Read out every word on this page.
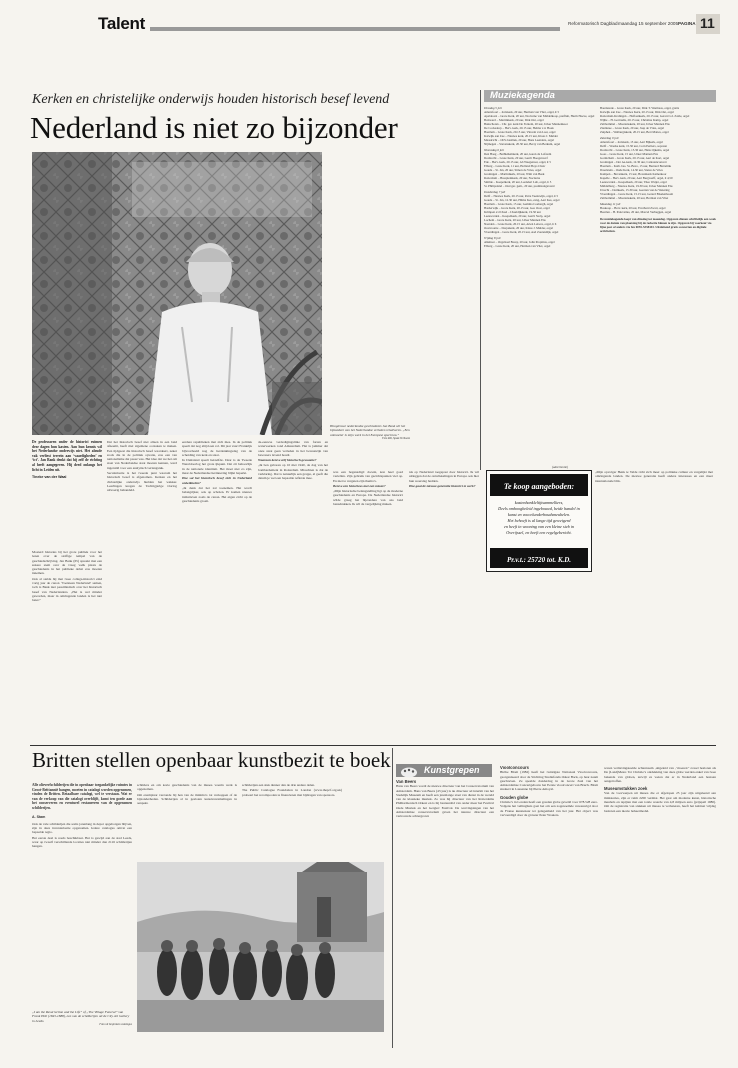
Talent	Reformatorisch Dagblad maandag 15 september 2005 PAGINA 11
Kerken en christelijke onderwijs houden historisch besef levend
Nederland is niet zo bijzonder
Hoogleraar nederlandse geschiedenis Jan Bank wil het bijzondere van het Nederlandse verleden relativeren. „Een ontmoeter is mijn werk in het Europese spectrum.”
Foto RD, Sjaak Verboom

De professoren onder de historici ruimen deze dagen hun kasten. Aan hun kennis wil het Nederlandse onderwijs niet. Het aloude vak verliest terrein aan ‘vaardigheden’ en ‘ict’. Jan Bank denkt dat hij zelf de richting al heeft aangegeven. Hij deed onlangs het licht in Leiden uit.

Tineke van der Waal

Mosterd histories bij het grote publiek voor het lezen over de stoffige tempel van de geschiedschrijving. Jan Bank (65) spreekt met een zekere stem over de vraag welk plaats de geschiedenis in het publieke debat zou moeten innemen.

Ook al stelde hij met twee collega-historici eind vorig jaar de canon ‘Toetsteen Nederland’ samen, toch is Bank niet pessimistisch over het historisch besef van Nederlanders. „Het is wel minder geworden, maar in omringende landen is het niet beter.”

Dat het historisch besef niet alleen in een land afneemt, heeft met algemene oorzaken te maken. Een tijdgeest die historisch besef waardeert, zeker zoals die in de politiek opvatte, zou een van nationalisme dat passé was. Het idee dat we het om staat van Nederlandse staat moeten kennen, werd ingeruild voor een analytisch verlengstuk.

Secularisatie is het tweede punt waarom het historisch besef is afgenomen. Kerken en het christelijke onderwijs hielden het wakker. Leerlingen kregen de Tachtigjarige Oorlog uitvoerig behandeld.

eerdere republieken met zich mee. In de politiek speelt dat nog altijd een rol. Dit jaar vaart Frankrijk bijvoorbeeld nog de herdenkingsdag van de scheiding van kerk en staat.

In Duitsland speelt hetzelfde. Daar is de Tweede Wereldoorlog het grote ijkpunt. Dat zit behoorlijk in de nationale identiteit. Het moet niet zo zijn, maar de Nederlandse herinnering blijkt beperkt.

Hoe sal het historisch besef zich in Nederland ontwikkelen?

„Ik denk dat het zal toenemen. Het wordt belangrijker, ook op scholen. Er komen nieuwe initiatieven zoals de canon. Het eigen zicht op de geschiedenis groeit.

de-eeuwse verdedigingslinie van forten en waterwerken rond Amsterdam. Het is jammer dat onze staat geen verleden in het bewustzijn van bewoners levend houdt.

Waaraan kent u zelf historisch gewoonte?

„Ik ben geboren op 10 mei 1940, de dag van het bombardement in Rotterdam. Misschien is dat de verklaring. Dat is natuurlijk een grapje, al geeft die datum je wel een bepaalde reflexie mee.

was een begenadigd docent, kon heel goed vertellen. Zijn gebruik van gezichtspunten viel op. En niet te vergeten zijn thema’s.

Bent u een historicus met een missie?

„Mijn historische belangstelling ligt op de moderne geschiedenis en Europa. De Nederlandse historici wilde graag het bijzondere van ons land benadrukken. Ik wil de vergelijking maken.

nis op Nederland toegepast door historici. Ik wil uitleggen dat de ontwikkelingen in Europa ook hier hun weerslag hadden.

Hoe gaat de nieuwe generatie historici te werk?

„Mijn opvolger Henk te Velde richt zich meer op politieke cultuur en vergelijkt met omringende landen. De nieuwe generatie heeft andere interesses en een meer internationale blik.

Muziekagenda
Dinsdag 5 juli
Amersfoort – Joriskerk, 20 uur, Herman van Vliet, orgel, € 5
Apeldoorn – Grote Kerk, 20 uur, Nocturne van Middelkoop, panfluit, Harm Hoeve, orgel
Bolsward – Martinikerk, 20 uur, Dirk Out, orgel
Bunschoten – Chr. ger. kerk De Fontein, 20 uur, Urker Mannenkoor
De Cocksdorp – Herv. kerk, 20.15 uur, Helma v.d. Hoek
Haarlem – Grote Kerk, 20.15 uur, Vincent van Laar, orgel
Katwijk aan Zee – Nieuwe kerk, 20.15 uur, Klaas J. Mulder
Maastricht – OLV-basiliek, 20 uur, Hans Leenders, orgel
Nijmegen – Stevenskerk, 20.30 uur, Berry van Berkum, orgel
Woensdag 6 juli
Den Haag – Bethlehemkerk, 20 uur, koren de Lofstem
Dordrecht – Grote Kerk, 20 uur, Gerrit Hoogerwerf
Ede – Herv. kerk, 20.15 uur, Ab Weegenaar, orgel, € 5
Elburg – Grote Kerk, 11 uur, Holland Boys Choir
Gouda – St. Jan, 20 uur, Simon de Vries, orgel
Groningen – Martinikerk, 20 uur, Wim van Beek
Rotterdam – Breepleinkerk, 20 uur, Nocturne
Smilde – Koepelkerk, 20 uur, Leendert Lub, orgel, € 5
St. Philipsland – Oud ger. gem., 20 uur, psalmzangavond
Donderdag 7 juli
Delft – Nieuwe Kerk, 20.15 uur, Petra Veenswijk, orgel, € 5
Gouda – St. Jan, 12.30 uur, Hilma Kes, zang, Aart Kes, orgel
Haarlem – Grote Kerk, 15 uur, Gemma Coebergh, orgel
Harderwijk – Grote Kerk, 20.15 uur, Geo Oost, orgel
Krimpen a/d IJssel – IJsseldijkkerk, 19.30 uur
Leeuwarden – Koepelkerk, 20 uur, Gerrit Stolp, orgel
Lochem – Grote Kerk, 20 uur, Urker Mannen Ens
Naarden – Grote Kerk, 20.15 uur, Arien Leiwes, orgel, € 6
Oostvoorne – Dorpskerk, 20 uur, Klaas J. Mulder, orgel
Vlaardingen – Grote Kerk, 20.15 uur, Aad Zoutendijk, orgel
Vrijdag 8 juli
Alkmaar – Orgelzaal Bossy, 20 uur, John Propitius, orgel
Elburg – Grote Kerk, 20 uur, Herman van Vliet, orgel
Baarnstede – Grote Kerk, 20 uur, Dirk T. Warmaas, orgel, gratis
Katwijk aan Zee – Nieuwe Kerk, 20.15 uur, Dirk Out, orgel
Rotterdam-Kralingen – Hoflaankerk, 20.15 uur, Gerard v.d. Zalde, orgel
Wijhe – H. Gertrudis, 20.15 uur, Christine Kamp, orgel
Zaltbommel – Maartenskerk, 20 uur, Urker Mannen Ens
Zierikzee – Grote Kerk, 20 uur, Jaap de Vries, orgel
Zutphen – Walburgiskerk, 20.15 uur, Bert Mattes, orgel
Zaterdag 9 juli
Amersfoort – Joriskerk, 15 uur, Aart Bijkerk, orgel
Delft – Waalse kerk, 15.30 uur, Corn Pertiers, sopraan
Dordrecht – Grote Kerk, 15.30 uur, Hans Ojkema, orgel
Goes – Grote Kerk, 15 uur, Urker Mannen Ens
Gorinchem – Grote Kerk, 20.15 uur, Aart de Kort, orgel
Groningen – Der Aa-kerk, 12.30 uur, Cantatenconcert
Haarlem – Kath. bas. St.-Bavo, 15 uur, Bernard Bartelink
IJsselstein – Oude Kerk, 14.30 uur, Sietze de Vries
Kampen – Bovenkerk, 15 uur, Bovenkerk Kamerkoor
Kapelle – Herv. kerk, 20 uur, Aart Bergwerff, orgel, € 4,50
Leeuwarden – Koepelkerk, 20 uur, Theo Waijer, orgel
Middelburg – Nieuwe Kerk, 19.30 uur, Urker Mannen Ens
Utrecht – Domkerk, 15.30 uur, Geerten van de Wetering
Vlaardingen – Grote Kerk, 15.15 uur, Gerard Eikelenboom
Zaltbommel – Maartenskerk, 20 uur, Herman van Vliet
Maandag 11 juli
Boskoop – Herv. kerk, 20 uur, Everhard Zwart, orgel
Heerlen – H. Pancratius, 20 uur, Marcel Verheggen, orgel
De muziekagenda loopt van dinsdag tot maandag. Opgaven dienen schriftelijk een week voor de datum van plaatsing bij de redactie binnen te zijn. Opgaven bij voorkeur via fijne post of anders via fax 0055-5338443. Uitsluitend gratis concerten en digitale activiteiten.
(advertentie)
Te koop aangeboden:
kastenbankleltijtsammelkers,
Deels omhoogbeleid ingebouwd, beide handel in
kunst en vaccelunderhoudsmeubelen.
Het behoeft is al lange tijd geweigerd
en heeft in wooning van een kleine sieb in
Overijssel, en heeft een regelgebericht.
Pr.v.t.: 25720 tot. K.D.
Britten stellen openbaar kunstbezit te boek

Alle olieverfschilderijen die in openbaar toegankelijke ruimtes in Groot-Brittannië hangen, moeten in catalogi worden opgenomen, vinden de Britten. Betaalbare catalogi, wel te verstaan. Wat er van de verkoop van die catalogi overblijft, komt ten goede aan het conserveren en eventueel restaureren van de opgenomen schilderijen.

A. Stam

Ook de vele schilderijen die soms jarenlang in depot opgeborgen blijven, zijn in deze inventarisatie opgenomen. Iedere catalogus omvat een bepaalde regio.

Het eerste deel is reeds beschikbaar. Het is gewijd aan de stad Leeds, waar op twaalf verschillende locaties niet minder dan 2116 schilderijen hangen.

schilders en om korte geschiedenis van de musea waarin werk is opgenomen.

Om exemplaar verzonde bij hen van de minimo's tot verkoppen of de bijzonderheden. Schilderijen al in gesloten kunstverzamelingen in aanpakt.

schilderijen een stuk dunner dan de drie andere delen.

The Public Catalogue Foundation in London (www.thepcf.org.uk) probeert het recompoolen te financieren met bijdragen van sponsors.

„I am the Resurrection and the Life” of „The Village Funeral” van Frank Holl (1845-1888), een van de schilderijen uit de City Art Gallery in Leeds.
Foto uit besproken catalogus
Kunstgrepen
Van Beers

Hans van Beers wordt de nieuwe directeur van het Conservatorium van Amsterdam. Hans van Beers (43 jaar) is nu directeur ad interim van het Stedelijk Museum en heeft een jarenlange staat van dienst in de wereld van de klassieke muziek. Zo was hij directeur van het Rotterdams Philharmonisch Orkest en is hij bestuurslid van onder meer het Festival Oude Muziek en het Gergiev Festival. De wervingsingen van het Amsterdamse conservatorium gaven het nieuwe directeur een vertrouwde achtergrond.

Vioolconcours

Birthe Blom (1982) heeft het twintigste Nationaal Vioolconcours, georganiseerd door de Stichting Studiefonds Oskar Back, op haar naam geschreven. Ze speelde donderdag in de Grote Zaal van het Amsterdamse Concertgebouw het Eerste vioolconcert van Bruch. Blom studeert in Lausanne bij Pierre Amoyal.

Gouden globe

Christie’s in Londen heeft een gouden globe geveild voor 678.528 euro. Volgens het veilinghuis gaat het om een zogenoemde vereeuwigd door de Franse kunstenaar ter gelegenheid van het jaar. Het object was vervaardigd door de graveur Peter Wouters.

waren verlievingsteelde achternaam ‚uitgeleid van ‚’moeren’’ zowel besloten als De (Land)Meter. Tot Christie’s ontdekking van deze globe werden enkel van twee bekende van globen, terwijl ze weten dat er in Nederland een bestaan aangetroffen.

Museumstukken zoek

Van de voorwerpen uit musea die er afgelopen 25 jaar zijn uitgeleend aan ministeries, zijn er ruim 2200 vermist. Het gaat om moderne kunst, historische meubels en tapijten met een totale waarde van 4,8 miljoen euro (prijspeil 1980). Om de registratie van stukken uit musea te verbeteren, heeft het kabinet vrijdag besloten een nieuw beheermodel.
